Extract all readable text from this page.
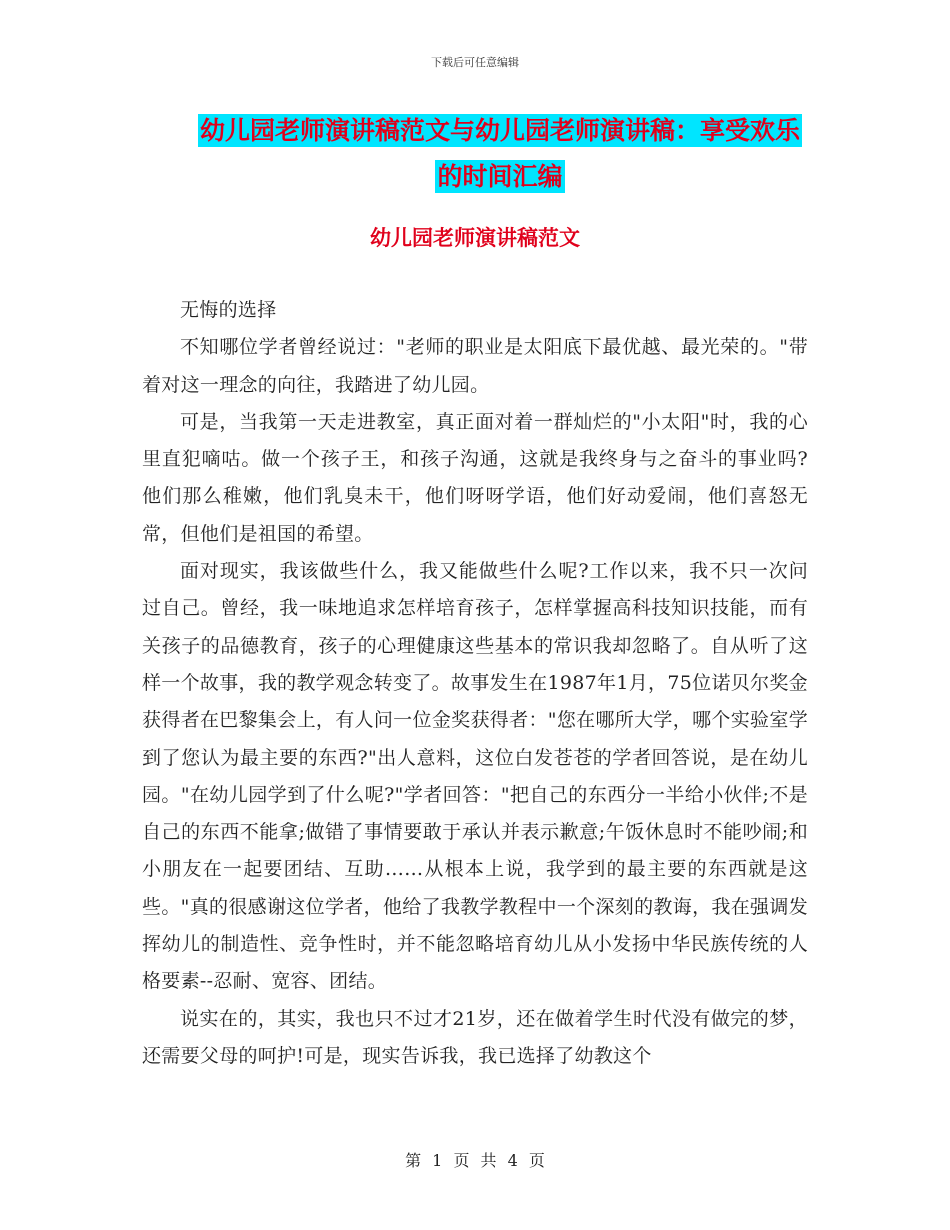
下载后可任意编辑
幼儿园老师演讲稿范文与幼儿园老师演讲稿：享受欢乐的时间汇编
幼儿园老师演讲稿范文

无悔的选择

不知哪位学者曾经说过："老师的职业是太阳底下最优越、最光荣的。"带着对这一理念的向往，我踏进了幼儿园。

可是，当我第一天走进教室，真正面对着一群灿烂的"小太阳"时，我的心里直犯嘀咕。做一个孩子王，和孩子沟通，这就是我终身与之奋斗的事业吗?他们那么稚嫩，他们乳臭未干，他们呀呀学语，他们好动爱闹，他们喜怒无常，但他们是祖国的希望。

面对现实，我该做些什么，我又能做些什么呢?工作以来，我不只一次问过自己。曾经，我一味地追求怎样培育孩子，怎样掌握高科技知识技能，而有关孩子的品德教育，孩子的心理健康这些基本的常识我却忽略了。自从听了这样一个故事，我的教学观念转变了。故事发生在1987年1月，75位诺贝尔奖金获得者在巴黎集会上，有人问一位金奖获得者："您在哪所大学，哪个实验室学到了您认为最主要的东西?"出人意料，这位白发苍苍的学者回答说，是在幼儿园。"在幼儿园学到了什么呢?"学者回答："把自己的东西分一半给小伙伴;不是自己的东西不能拿;做错了事情要敢于承认并表示歉意;午饭休息时不能吵闹;和小朋友在一起要团结、互助……从根本上说，我学到的最主要的东西就是这些。"真的很感谢这位学者，他给了我教学教程中一个深刻的教诲，我在强调发挥幼儿的制造性、竞争性时，并不能忽略培育幼儿从小发扬中华民族传统的人格要素--忍耐、宽容、团结。

说实在的，其实，我也只不过才21岁，还在做着学生时代没有做完的梦，还需要父母的呵护!可是，现实告诉我，我已选择了幼教这个

第 1 页 共 4 页
